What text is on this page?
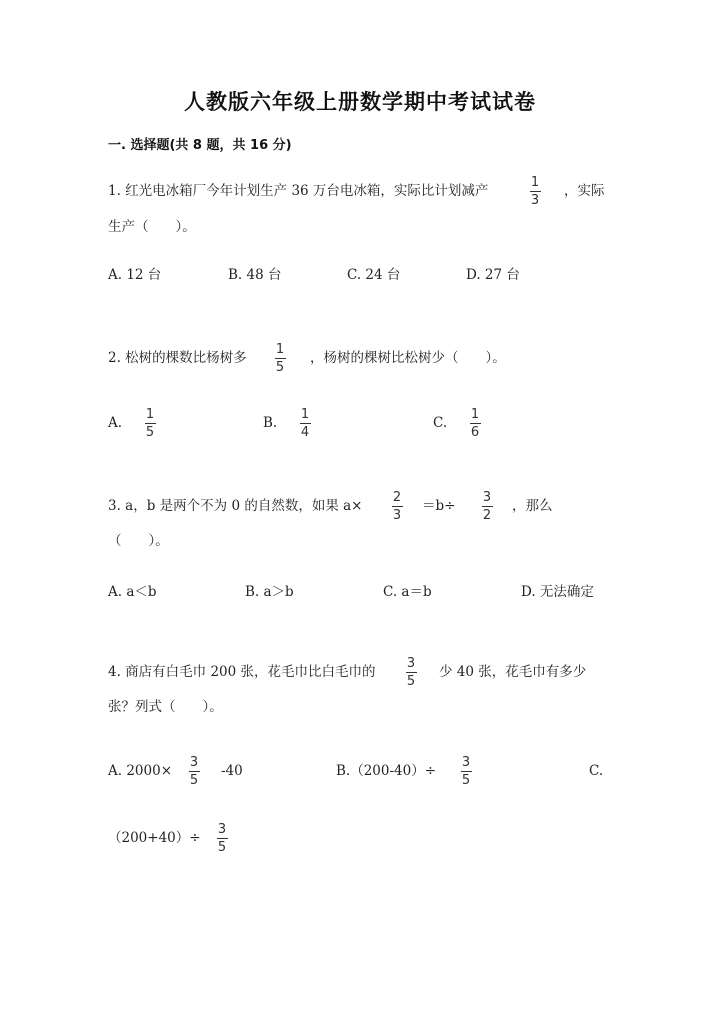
人教版六年级上册数学期中考试试卷
一. 选择题(共 8 题，共 16 分)
1. 红光电冰箱厂今年计划生产 36 万台电冰箱，实际比计划减产
1
3
，实际
生产（　　）。
A. 12 台	B. 48 台	C. 24 台	D. 27 台
2. 松树的棵数比杨树多
1
5
，杨树的棵树比松树少（　　）。
A.
1
5
B.
1
4
C.
1
6
3. a，b 是两个不为 0 的自然数，如果 a×
2
3
＝b÷
3
2
，那么
（　　）。
A. a＜b	B. a＞b	C. a＝b	D. 无法确定
4. 商店有白毛巾 200 张，花毛巾比白毛巾的
3
5
少 40 张，花毛巾有多少
张？列式（　　）。
A. 2000×
3
5
-40	B.（200-40）÷
3
5
C.
（200+40）÷
3
5
